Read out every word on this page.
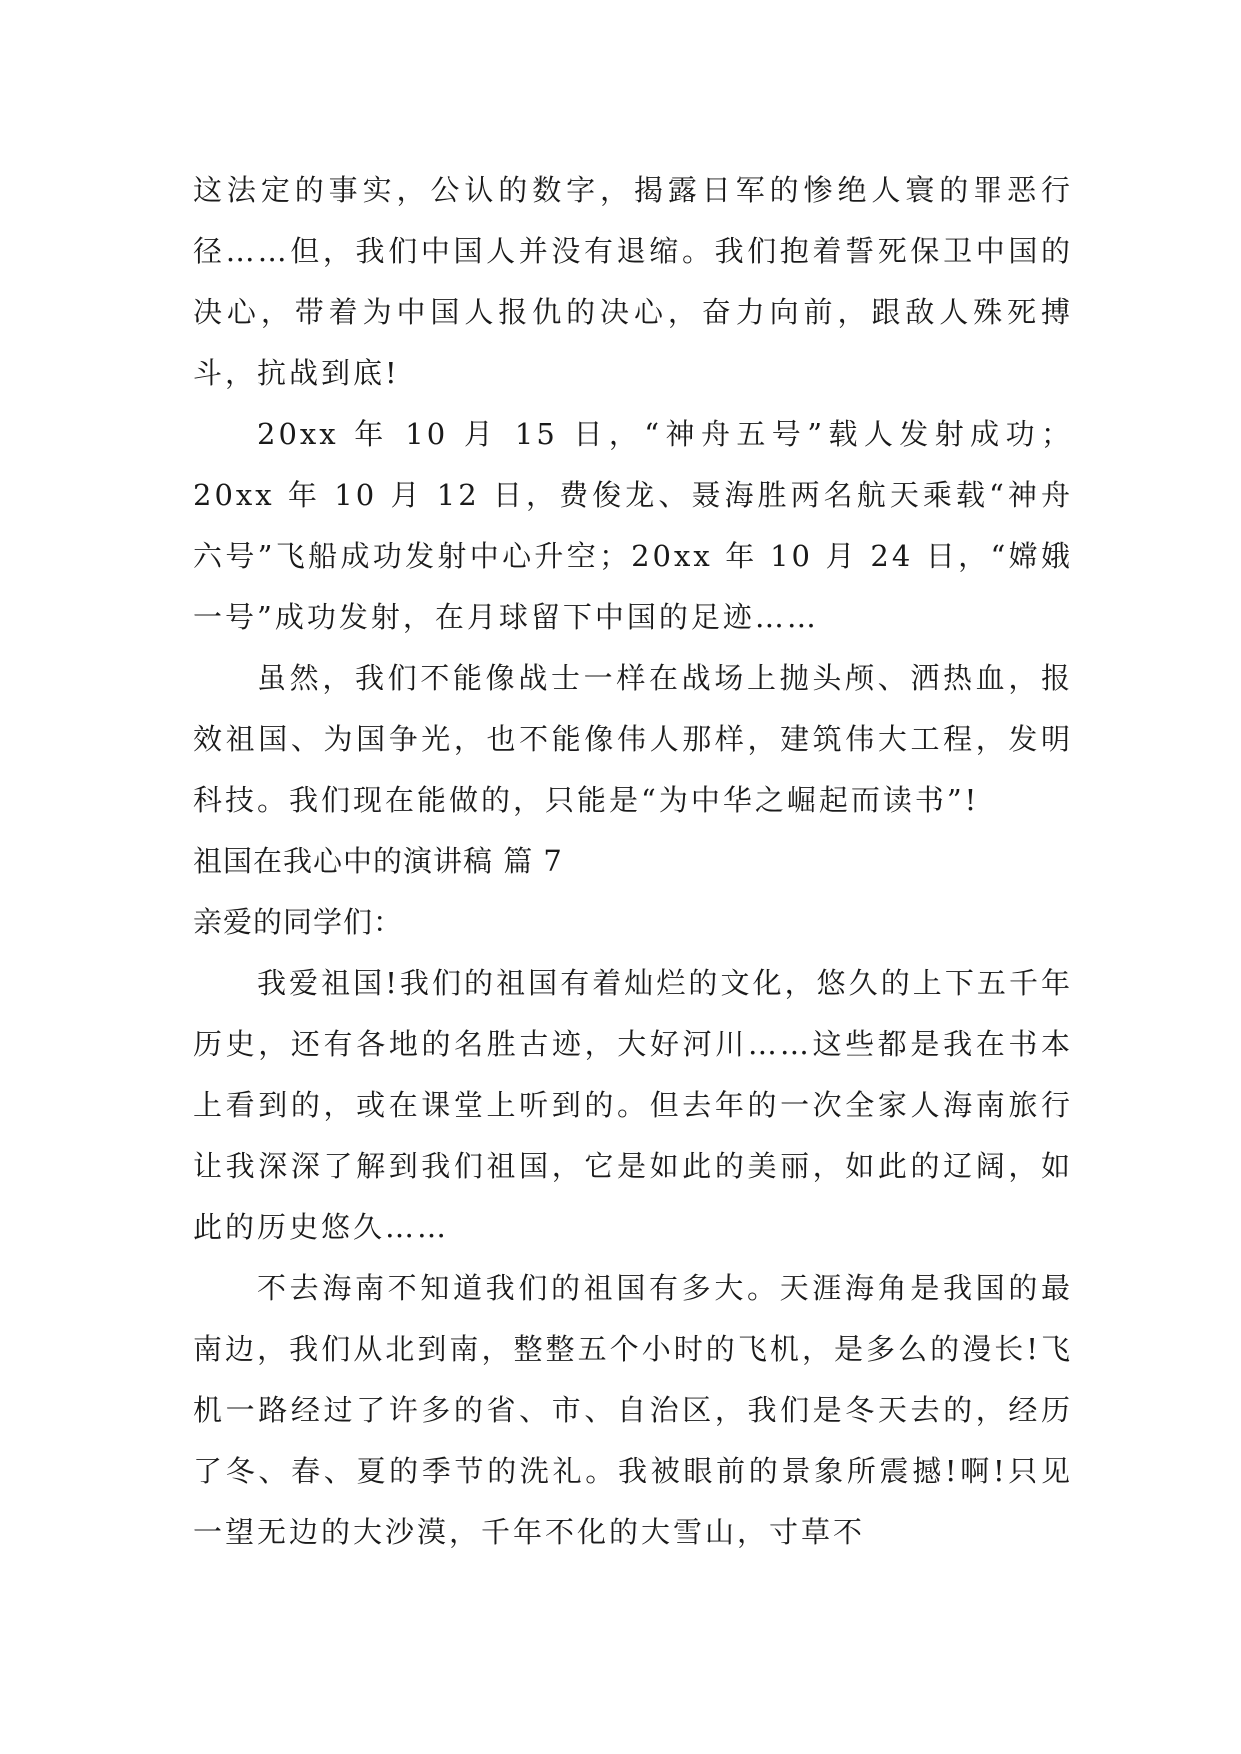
这法定的事实，公认的数字，揭露日军的惨绝人寰的罪恶行径……但，我们中国人并没有退缩。我们抱着誓死保卫中国的决心，带着为中国人报仇的决心，奋力向前，跟敌人殊死搏斗，抗战到底!

20xx 年 10 月 15 日，“神舟五号”载人发射成功；20xx 年 10 月 12 日，费俊龙、聂海胜两名航天乘载“神舟六号”飞船成功发射中心升空；20xx 年 10 月 24 日，“嫦娥一号”成功发射，在月球留下中国的足迹……

虽然，我们不能像战士一样在战场上抛头颅、洒热血，报效祖国、为国争光，也不能像伟人那样，建筑伟大工程，发明科技。我们现在能做的，只能是“为中华之崛起而读书”!

祖国在我心中的演讲稿 篇 7

亲爱的同学们：

我爱祖国!我们的祖国有着灿烂的文化，悠久的上下五千年历史，还有各地的名胜古迹，大好河川……这些都是我在书本上看到的，或在课堂上听到的。但去年的一次全家人海南旅行让我深深了解到我们祖国，它是如此的美丽，如此的辽阔，如此的历史悠久……

不去海南不知道我们的祖国有多大。天涯海角是我国的最南边，我们从北到南，整整五个小时的飞机，是多么的漫长!飞机一路经过了许多的省、市、自治区，我们是冬天去的，经历了冬、春、夏的季节的洗礼。我被眼前的景象所震撼!啊!只见一望无边的大沙漠，千年不化的大雪山，寸草不
